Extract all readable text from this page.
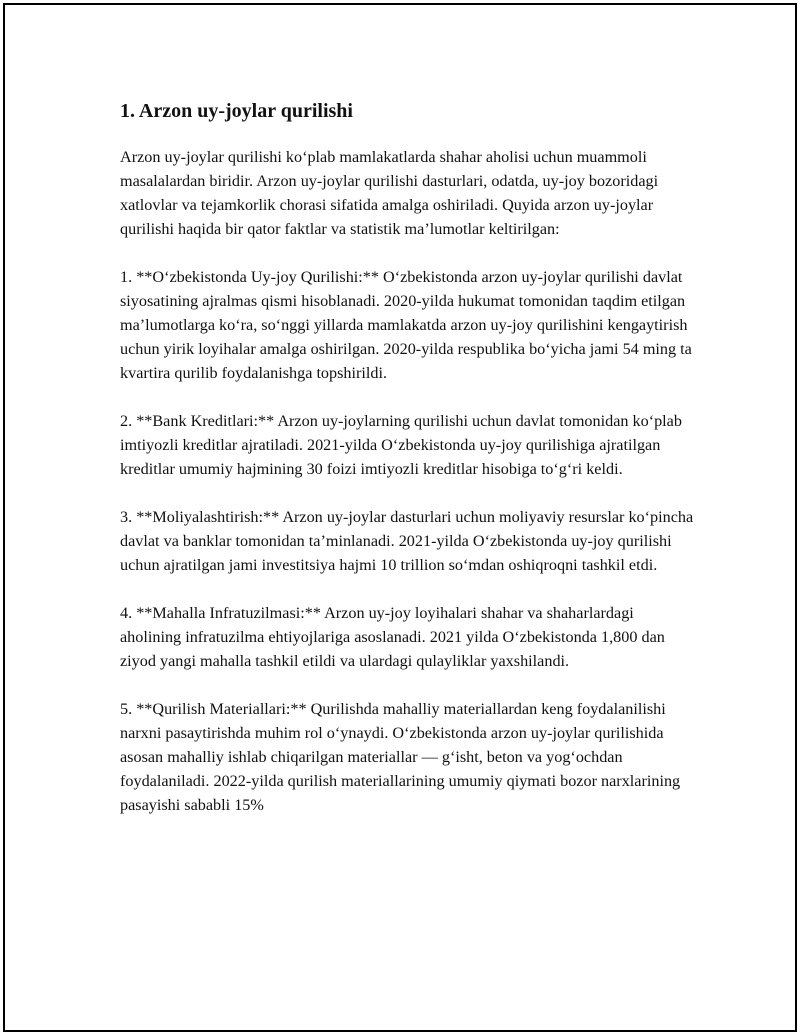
1. Arzon uy-joylar qurilishi

Arzon uy-joylar qurilishi ko‘plab mamlakatlarda shahar aholisi uchun muammoli masalalardan biridir. Arzon uy-joylar qurilishi dasturlari, odatda, uy-joy bozoridagi xatlovlar va tejamkorlik chorasi sifatida amalga oshiriladi. Quyida arzon uy-joylar qurilishi haqida bir qator faktlar va statistik ma’lumotlar keltirilgan:

1. **O‘zbekistonda Uy-joy Qurilishi:** O‘zbekistonda arzon uy-joylar qurilishi davlat siyosatining ajralmas qismi hisoblanadi. 2020-yilda hukumat tomonidan taqdim etilgan ma’lumotlarga ko‘ra, so‘nggi yillarda mamlakatda arzon uy-joy qurilishini kengaytirish uchun yirik loyihalar amalga oshirilgan. 2020-yilda respublika bo‘yicha jami 54 ming ta kvartira qurilib foydalanishga topshirildi.

2. **Bank Kreditlari:** Arzon uy-joylarning qurilishi uchun davlat tomonidan ko‘plab imtiyozli kreditlar ajratiladi. 2021-yilda O‘zbekistonda uy-joy qurilishiga ajratilgan kreditlar umumiy hajmining 30 foizi imtiyozli kreditlar hisobiga to‘g‘ri keldi.

3. **Moliyalashtirish:** Arzon uy-joylar dasturlari uchun moliyaviy resurslar ko‘pincha davlat va banklar tomonidan ta’minlanadi. 2021-yilda O‘zbekistonda uy-joy qurilishi uchun ajratilgan jami investitsiya hajmi 10 trillion so‘mdan oshiqroqni tashkil etdi.

4. **Mahalla Infratuzilmasi:** Arzon uy-joy loyihalari shahar va shaharlardagi aholining infratuzilma ehtiyojlariga asoslanadi. 2021 yilda O‘zbekistonda 1,800 dan ziyod yangi mahalla tashkil etildi va ulardagi qulayliklar yaxshilandi.

5. **Qurilish Materiallari:** Qurilishda mahalliy materiallardan keng foydalanilishi narxni pasaytirishda muhim rol o‘ynaydi. O‘zbekistonda arzon uy-joylar qurilishida asosan mahalliy ishlab chiqarilgan materiallar — g‘isht, beton va yog‘ochdan foydalaniladi. 2022-yilda qurilish materiallarining umumiy qiymati bozor narxlarining pasayishi sababli 15%
